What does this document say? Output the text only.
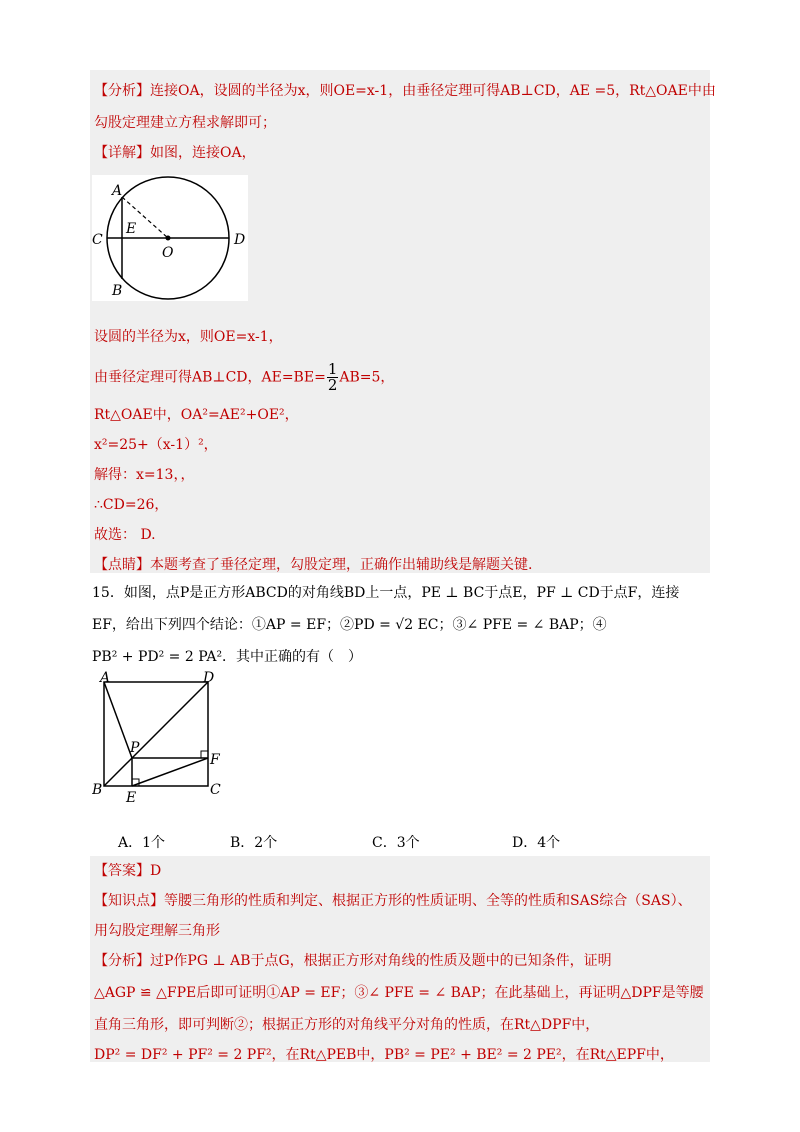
【分析】连接OA，设圆的半径为x，则OE=x-1，由垂径定理可得AB⊥CD，AE =5，Rt△OAE中由
勾股定理建立方程求解即可；
【详解】如图，连接OA，
A
C
E
O
D
B
设圆的半径为x，则OE=x-1，
由垂径定理可得AB⊥CD，$AE=BE= \frac{1}{2} AB=5$，
Rt△OAE中，OA²=AE²+OE²，
x²=25+（x-1）²，
解得：x=13，，
∴CD=26，
故选： D.
【点睛】本题考查了垂径定理，勾股定理，正确作出辅助线是解题关键.
15．如图，点P是正方形ABCD的对角线BD上一点，PE ⊥ BC于点E，PF ⊥ CD于点F，连接
EF，给出下列四个结论：①AP = EF；②PD = √2 EC；③∠ PFE = ∠ BAP；④
PB² + PD² = 2 PA²．其中正确的有（　）
A	D
P
F
B E	C
A．1个	B．2个	C．3个	D．4个
【答案】D
【知识点】等腰三角形的性质和判定、根据正方形的性质证明、全等的性质和SAS综合（SAS）、
用勾股定理解三角形
【分析】过P作PG ⊥ AB于点G，根据正方形对角线的性质及题中的已知条件，证明
△AGP ≌ △FPE后即可证明①AP = EF；③∠ PFE = ∠ BAP；在此基础上，再证明△DPF是等腰
直角三角形，即可判断②；根据正方形的对角线平分对角的性质，在Rt△DPF中，
DP² = DF² + PF² = 2 PF²，在Rt△PEB中，PB² = PE² + BE² = 2 PE²，在Rt△EPF中，
